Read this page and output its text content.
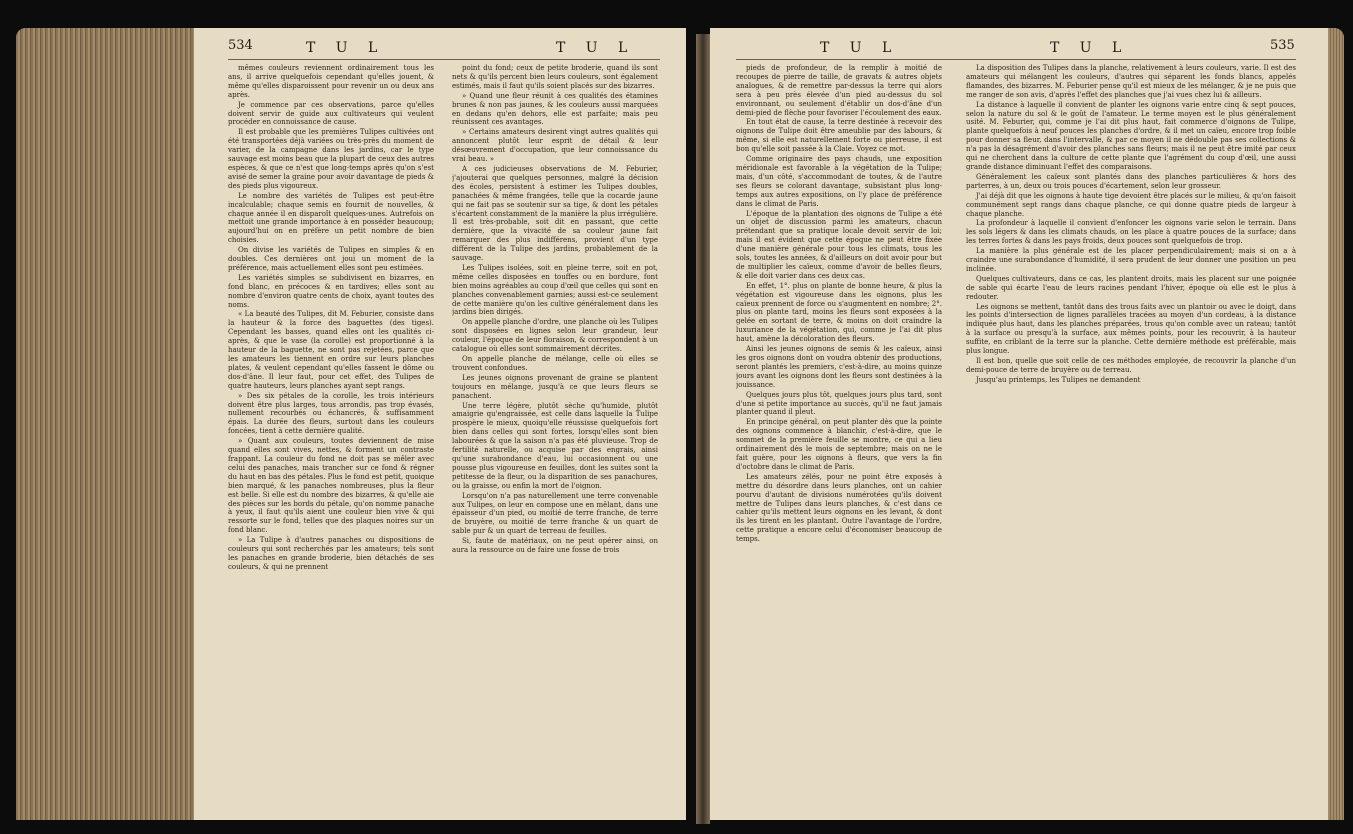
534	T U L	T U L

mêmes couleurs reviennent ordinairement tous les ans, il arrive quelquefois cependant qu'elles jouent, & même qu'elles disparoissent pour revenir un ou deux ans après.

Je commence par ces observations, parce qu'elles doivent servir de guide aux cultivateurs qui veulent procéder en connoissance de cause.

Il est probable que les premières Tulipes cultivées ont été transportées déjà variées ou très-près du moment de varier, de la campagne dans les jardins, car le type sauvage est moins beau que la plupart de ceux des autres espèces, & que ce n'est que long-temps après qu'on s'est avisé de semer la graine pour avoir davantage de pieds & des pieds plus vigoureux.

Le nombre des variétés de Tulipes est peut-être incalculable; chaque semis en fournit de nouvelles, & chaque année il en disparoît quelques-unes. Autrefois on mettoit une grande importance à en posséder beaucoup; aujourd'hui on en préfère un petit nombre de bien choisies.

On divise les variétés de Tulipes en simples & en doubles. Ces dernières ont joui un moment de la préférence, mais actuellement elles sont peu estimées.

Les variétés simples se subdivisent en bizarres, en fond blanc, en précoces & en tardives; elles sont au nombre d'environ quatre cents de choix, ayant toutes des noms.

« La beauté des Tulipes, dit M. Feburier, consiste dans la hauteur & la force des baguettes (des tiges). Cependant les basses, quand elles ont les qualités ci-après, & que le vase (la corolle) est proportionné à la hauteur de la baguette, ne sont pas rejetées, parce que les amateurs les tiennent en ordre sur leurs planches plates, & veulent cependant qu'elles fassent le dôme ou dos-d'âne. Il leur faut, pour cet effet, des Tulipes de quatre hauteurs, leurs planches ayant sept rangs.

» Des six pétales de la corolle, les trois intérieurs doivent être plus larges, tous arrondis, pas trop évasés, nullement recourbés ou échancrés, & suffisamment épais. La durée des fleurs, surtout dans les couleurs foncées, tient à cette dernière qualité.

» Quant aux couleurs, toutes deviennent de mise quand elles sont vives, nettes, & forment un contraste frappant. La couleur du fond ne doit pas se mêler avec celui des panaches, mais trancher sur ce fond & régner du haut en bas des pétales. Plus le fond est petit, quoique bien marqué, & les panaches nombreuses, plus la fleur est belle. Si elle est du nombre des bizarres, & qu'elle aie des pièces sur les bords du pétale, qu'on nomme panache à yeux, il faut qu'ils aient une couleur bien vive & qui ressorte sur le fond, telles que des plaques noires sur un fond blanc.

» La Tulipe à d'autres panaches ou dispositions de couleurs qui sont recherchés par les amateurs; tels sont les panaches en grande broderie, bien détachés de ses couleurs, & qui ne prennent

point du fond; ceux de petite broderie, quand ils sont nets & qu'ils percent bien leurs couleurs, sont également estimés, mais il faut qu'ils soient placés sur des bizarres.

» Quand une fleur réunit à ces qualités des étamines brunes & non pas jaunes, & les couleurs aussi marquées en dedans qu'en dehors, elle est parfaite; mais peu réunissent ces avantages.

» Certains amateurs desirent vingt autres qualités qui annoncent plutôt leur esprit de détail & leur désœuvrement d'occupation, que leur connoissance du vrai beau. »

A ces judicieuses observations de M. Feburier, j'ajouterai que quelques personnes, malgré la décision des écoles, persistent à estimer les Tulipes doubles, panachées & même frangées, telle que la cocarde jaune qui ne fait pas se soutenir sur sa tige, & dont les pétales s'écartent constamment de la manière la plus irrégulière. Il est très-probable, soit dit en passant, que cette dernière, que la vivacité de sa couleur jaune fait remarquer des plus indifférens, provient d'un type différent de la Tulipe des jardins, probablement de la sauvage.

Les Tulipes isolées, soit en pleine terre, soit en pot, même celles disposées en touffes ou en bordure, font bien moins agréables au coup d'œil que celles qui sont en planches convenablement garnies; aussi est-ce seulement de cette manière qu'on les cultive généralement dans les jardins bien dirigés.

On appelle planche d'ordre, une planche où les Tulipes sont disposées en lignes selon leur grandeur, leur couleur, l'époque de leur floraison, & correspondent à un catalogue où elles sont sommairement décrites.

On appelle planche de mélange, celle où elles se trouvent confondues.

Les jeunes oignons provenant de graine se plantent toujours en mélange, jusqu'à ce que leurs fleurs se panachent.

Une terre légère, plutôt sèche qu'humide, plutôt amaigrie qu'engraissée, est celle dans laquelle la Tulipe prospère le mieux, quoiqu'elle réussisse quelquefois fort bien dans celles qui sont fortes, lorsqu'elles sont bien labourées & que la saison n'a pas été pluvieuse. Trop de fertilité naturelle, ou acquise par des engrais, ainsi qu'une surabondance d'eau, lui occasionnent ou une pousse plus vigoureuse en feuilles, dont les suites sont la petitesse de la fleur, ou la disparition de ses panachures, ou la graisse, ou enfin la mort de l'oignon.

Lorsqu'on n'a pas naturellement une terre convenable aux Tulipes, on leur en compose une en mêlant, dans une épaisseur d'un pied, ou moitié de terre franche, de terre de bruyère, ou moitié de terre franche & un quart de sable pur & un quart de terreau de feuilles.

Si, faute de matériaux, on ne peut opérer ainsi, on aura la ressource ou de faire une fosse de trois

T U L	T U L	535

pieds de profondeur, de la remplir à moitié de recoupes de pierre de taille, de gravats & autres objets analogues, & de remettre par-dessus la terre qui alors sera à peu près élevée d'un pied au-dessus du sol environnant, ou seulement d'établir un dos-d'âne d'un demi-pied de flèche pour favoriser l'écoulement des eaux.

En tout état de cause, la terre destinée à recevoir des oignons de Tulipe doit être ameublie par des labours, & même, si elle est naturellement forte ou pierreuse, il est bon qu'elle soit passée à la Claie. Voyez ce mot.

Comme originaire des pays chauds, une exposition méridionale est favorable à la végétation de la Tulipe; mais, d'un côté, s'accommodant de toutes, & de l'autre ses fleurs se colorant davantage, subsistant plus long-temps aux autres expositions, on l'y place de préférence dans le climat de Paris.

L'époque de la plantation des oignons de Tulipe a été un objet de discussion parmi les amateurs, chacun prétendant que sa pratique locale devoit servir de loi; mais il est évident que cette époque ne peut être fixée d'une manière générale pour tous les climats, tous les sols, toutes les années, & d'ailleurs on doit avoir pour but de multiplier les caïeux, comme d'avoir de belles fleurs, & elle doit varier dans ces deux cas.

En effet, 1°. plus on plante de bonne heure, & plus la végétation est vigoureuse dans les oignons, plus les caïeux prennent de force ou s'augmentent en nombre; 2°. plus on plante tard, moins les fleurs sont exposées à la gelée en sortant de terre, & moins on doit craindre la luxuriance de la végétation, qui, comme je l'ai dit plus haut, amène la décoloration des fleurs.

Ainsi les jeunes oignons de semis & les caïeux, ainsi les gros oignons dont on voudra obtenir des productions, seront plantés les premiers, c'est-à-dire, au moins quinze jours avant les oignons dont les fleurs sont destinées à la jouissance.

Quelques jours plus tôt, quelques jours plus tard, sont d'une si petite importance au succès, qu'il ne faut jamais planter quand il pleut.

En principe général, on peut planter dès que la pointe des oignons commence à blanchir, c'est-à-dire, que le sommet de la première feuille se montre, ce qui a lieu ordinairement dès le mois de septembre; mais on ne le fait guère, pour les oignons à fleurs, que vers la fin d'octobre dans le climat de Paris.

Les amateurs zélés, pour ne point être exposés à mettre du désordre dans leurs planches, ont un cahier pourvu d'autant de divisions numérotées qu'ils doivent mettre de Tulipes dans leurs planches, & c'est dans ce cahier qu'ils mettent leurs oignons en les levant, & dont ils les tirent en les plantant. Outre l'avantage de l'ordre, cette pratique a encore celui d'économiser beaucoup de temps.

La disposition des Tulipes dans la planche, relativement à leurs couleurs, varie. Il est des amateurs qui mélangent les couleurs, d'autres qui séparent les fonds blancs, appelés flamandes, des bizarres. M. Feburier pense qu'il est mieux de les mélanger, & je ne puis que me ranger de son avis, d'après l'effet des planches que j'ai vues chez lui & ailleurs.

La distance à laquelle il convient de planter les oignons varie entre cinq & sept pouces, selon la nature du sol & le goût de l'amateur. Le terme moyen est le plus généralement usité. M. Feburier, qui, comme je l'ai dit plus haut, fait commerce d'oignons de Tulipe, plante quelquefois à neuf pouces les planches d'ordre, & il met un caïeu, encore trop foible pour donner sa fleur, dans l'intervalle, & par ce moyen il ne dédouble pas ses collections & n'a pas la désagrément d'avoir des planches sans fleurs; mais il ne peut être imité par ceux qui ne cherchent dans la culture de cette plante que l'agrément du coup d'œil, une aussi grande distance diminuant l'effet des comparaisons.

Généralement les caïeux sont plantés dans des planches particulières & hors des parterres, à un, deux ou trois pouces d'écartement, selon leur grosseur.

J'ai déjà dit que les oignons à haute tige devoient être placés sur le milieu, & qu'on faisoit communément sept rangs dans chaque planche, ce qui donne quatre pieds de largeur à chaque planche.

La profondeur à laquelle il convient d'enfoncer les oignons varie selon le terrain. Dans les sols légers & dans les climats chauds, on les place à quatre pouces de la surface; dans les terres fortes & dans les pays froids, deux pouces sont quelquefois de trop.

La manière la plus générale est de les placer perpendiculairement; mais si on a à craindre une surabondance d'humidité, il sera prudent de leur donner une position un peu inclinée.

Quelques cultivateurs, dans ce cas, les plantent droits, mais les placent sur une poignée de sable qui écarte l'eau de leurs racines pendant l'hiver, époque où elle est le plus à redouter.

Les oignons se mettent, tantôt dans des trous faits avec un plantoir ou avec le doigt, dans les points d'intersection de lignes parallèles tracées au moyen d'un cordeau, à la distance indiquée plus haut, dans les planches préparées, trous qu'on comble avec un rateau; tantôt à la surface ou presqu'à la surface, aux mêmes points, pour les recouvrir, à la hauteur suffite, en criblant de la terre sur la planche. Cette dernière méthode est préférable, mais plus longue.

Il est bon, quelle que soit celle de ces méthodes employée, de recouvrir la planche d'un demi-pouce de terre de bruyère ou de terreau.

Jusqu'au printemps, les Tulipes ne demandent
